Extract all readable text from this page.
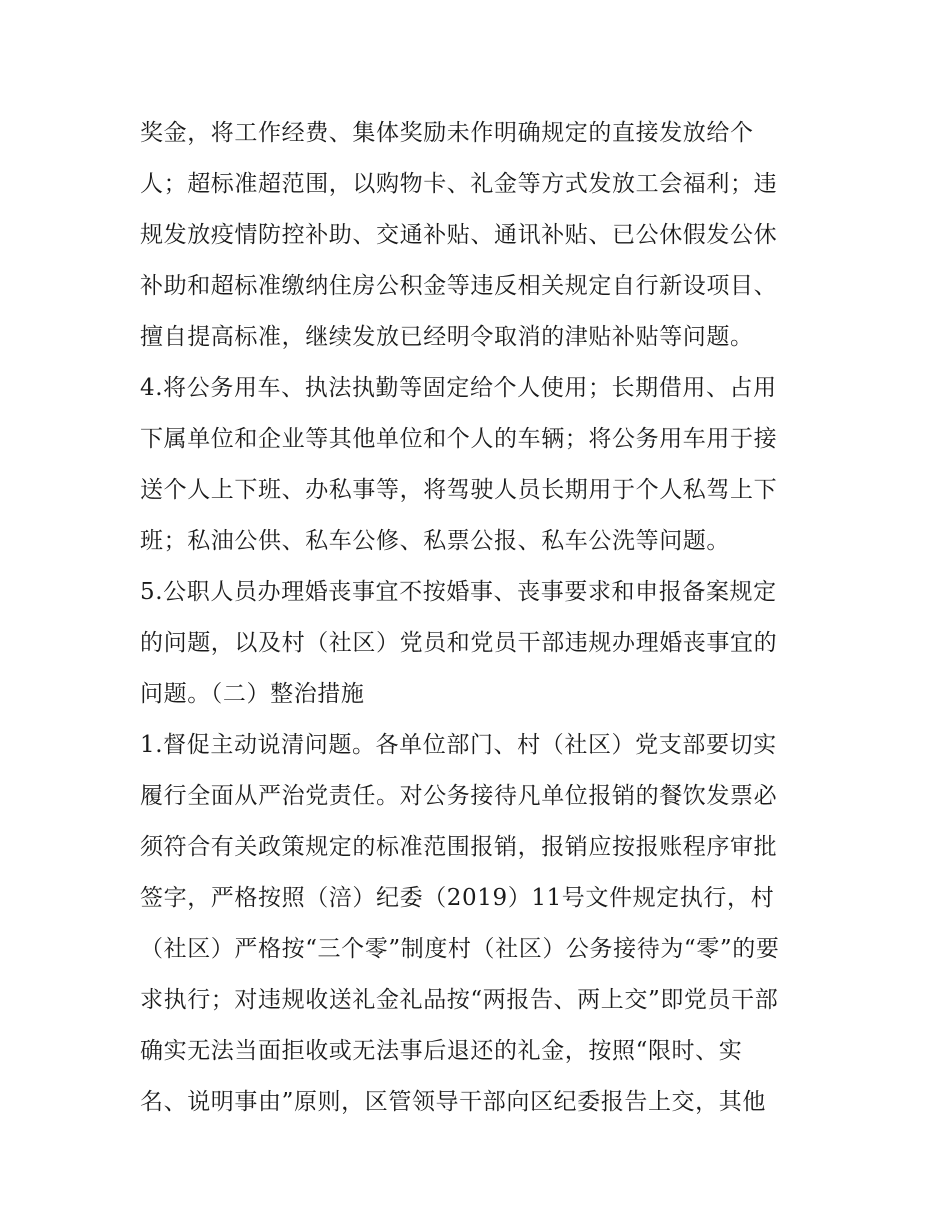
奖金，将工作经费、集体奖励未作明确规定的直接发放给个
人；超标准超范围，以购物卡、礼金等方式发放工会福利；违
规发放疫情防控补助、交通补贴、通讯补贴、已公休假发公休
补助和超标准缴纳住房公积金等违反相关规定自行新设项目、
擅自提高标准，继续发放已经明令取消的津贴补贴等问题。
4.将公务用车、执法执勤等固定给个人使用；长期借用、占用
下属单位和企业等其他单位和个人的车辆；将公务用车用于接
送个人上下班、办私事等，将驾驶人员长期用于个人私驾上下
班；私油公供、私车公修、私票公报、私车公洗等问题。
5.公职人员办理婚丧事宜不按婚事、丧事要求和申报备案规定
的问题，以及村（社区）党员和党员干部违规办理婚丧事宜的
问题。（二）整治措施
1.督促主动说清问题。各单位部门、村（社区）党支部要切实
履行全面从严治党责任。对公务接待凡单位报销的餐饮发票必
须符合有关政策规定的标准范围报销，报销应按报账程序审批
签字，严格按照（涪）纪委（2019）11号文件规定执行，村
（社区）严格按“三个零”制度村（社区）公务接待为“零”的要
求执行；对违规收送礼金礼品按“两报告、两上交”即党员干部
确实无法当面拒收或无法事后退还的礼金，按照“限时、实
名、说明事由”原则，区管领导干部向区纪委报告上交，其他
